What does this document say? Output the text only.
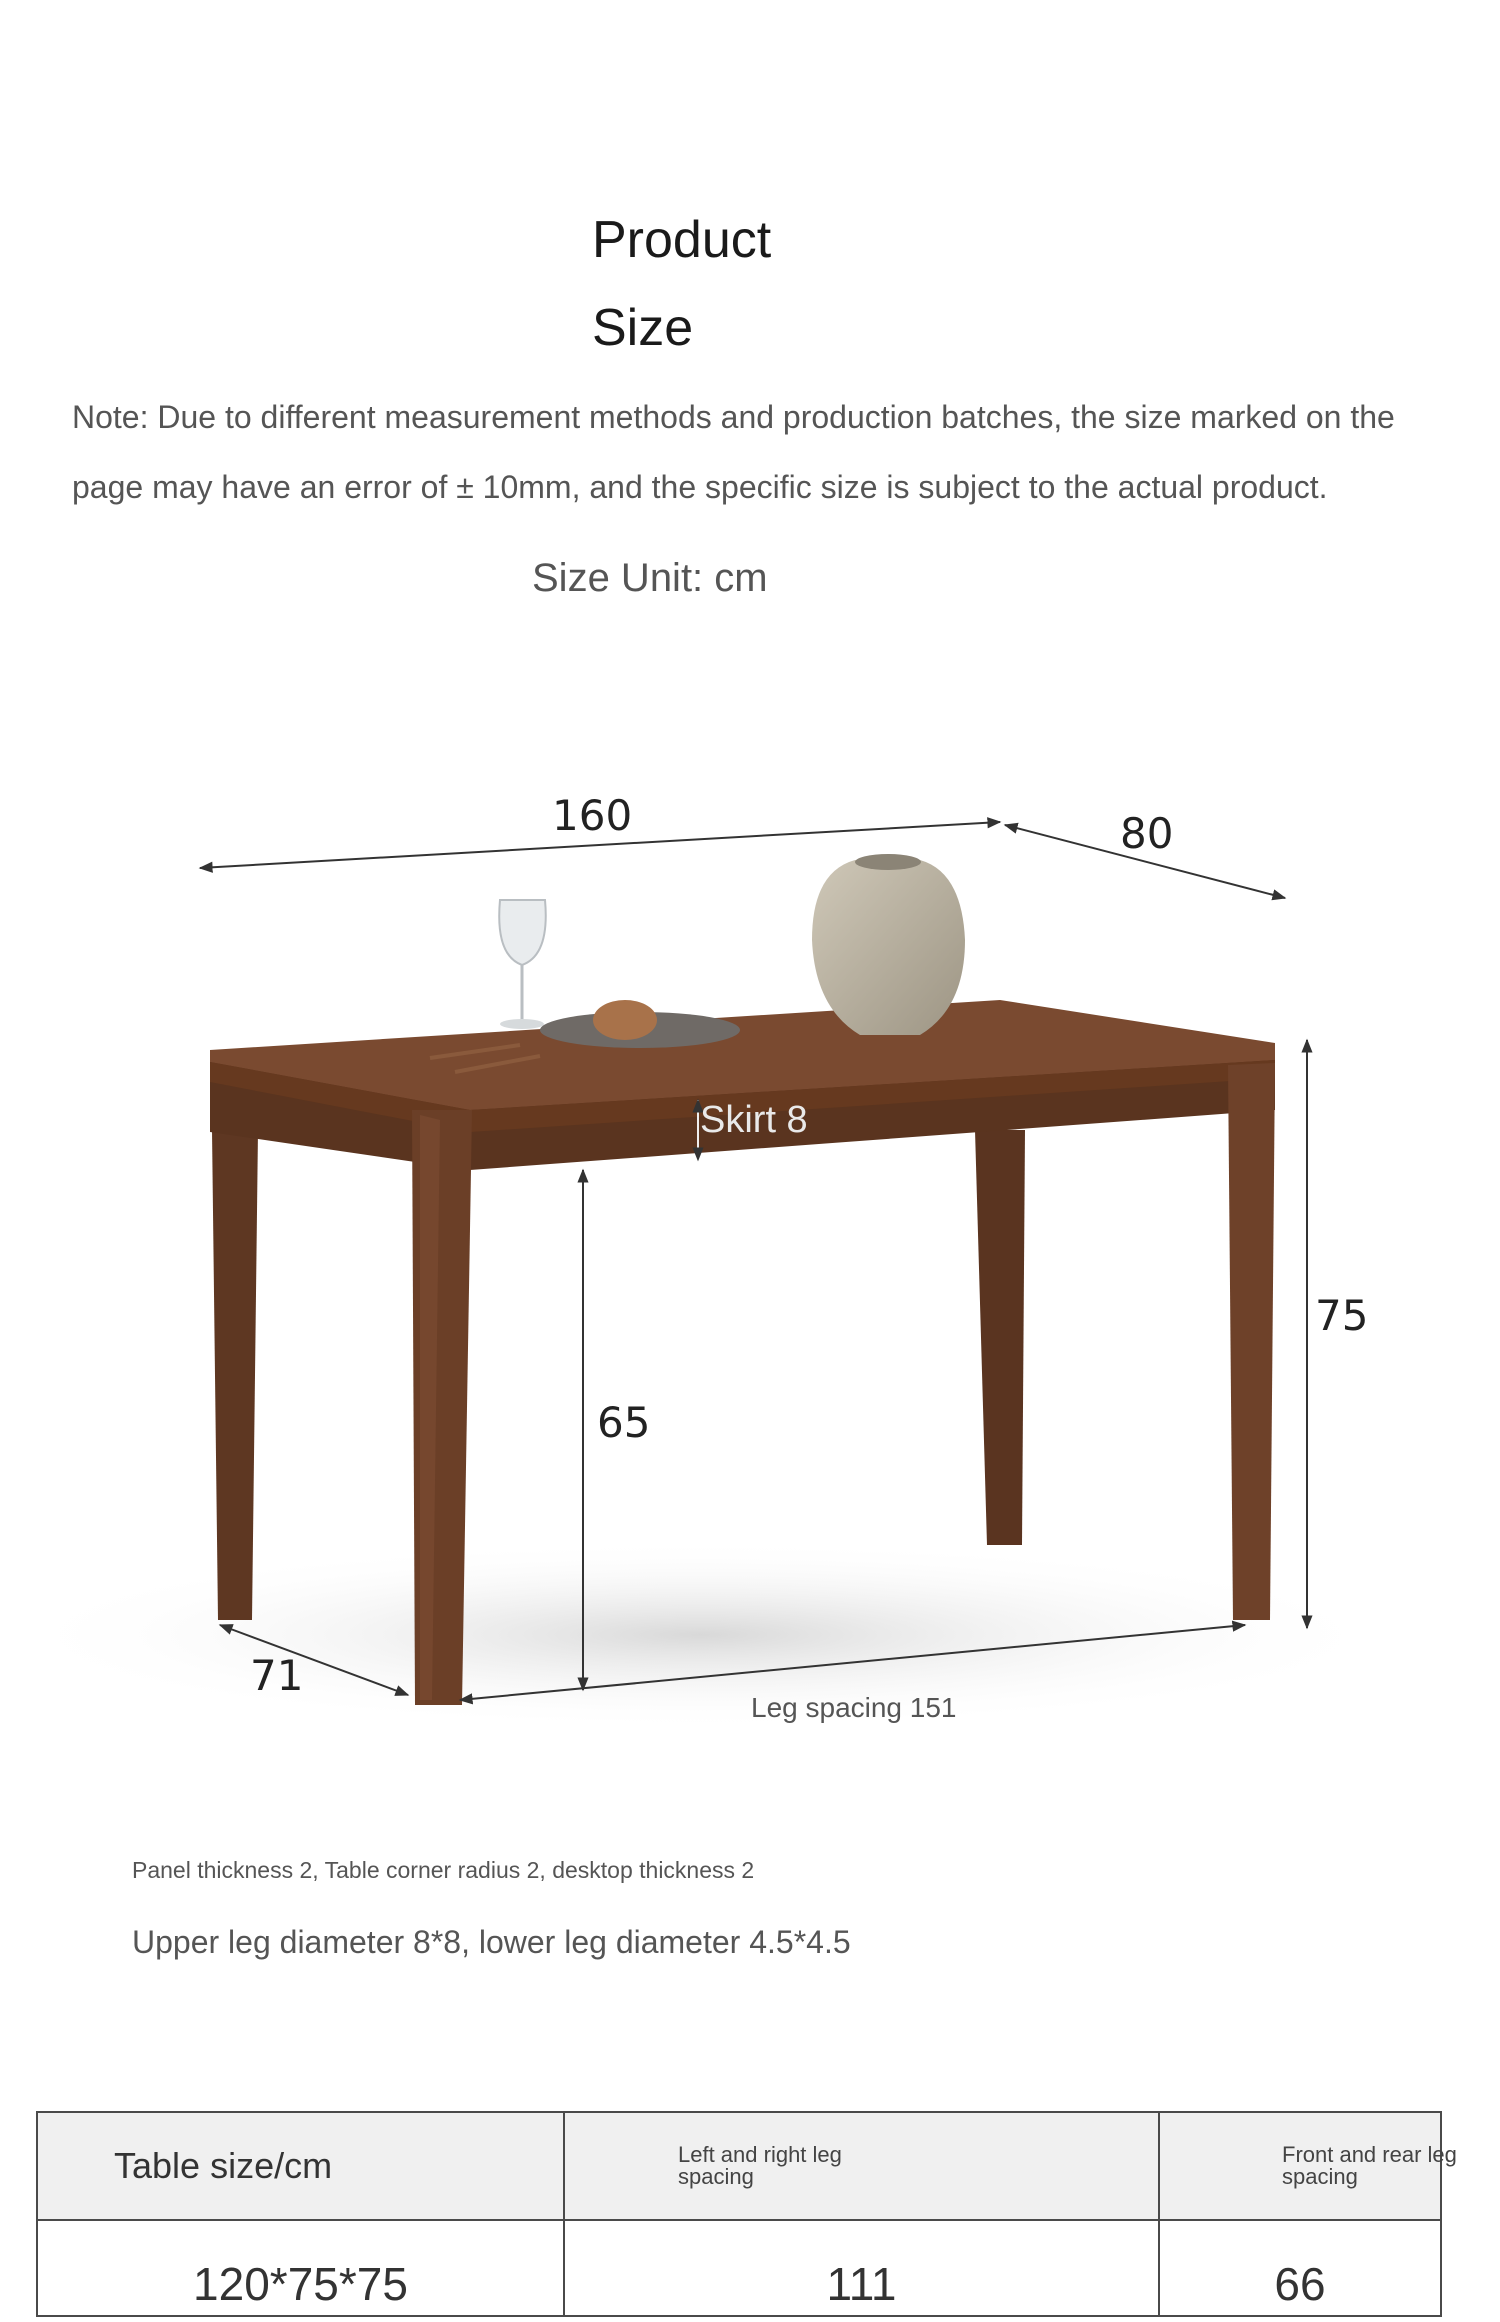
Product
Size
Note: Due to different measurement methods and production batches, the size marked on the page may have an error of ± 10mm, and the specific size is subject to the actual product.
Size Unit: cm
160	80
75
Skirt 8
65
71
Leg spacing 151
Panel thickness 2, Table corner radius 2, desktop thickness 2
Upper leg diameter 8*8, lower leg diameter 4.5*4.5
Table size/cm	Left and right leg spacing	Front and rear leg spacing

120*75*75	111	66
